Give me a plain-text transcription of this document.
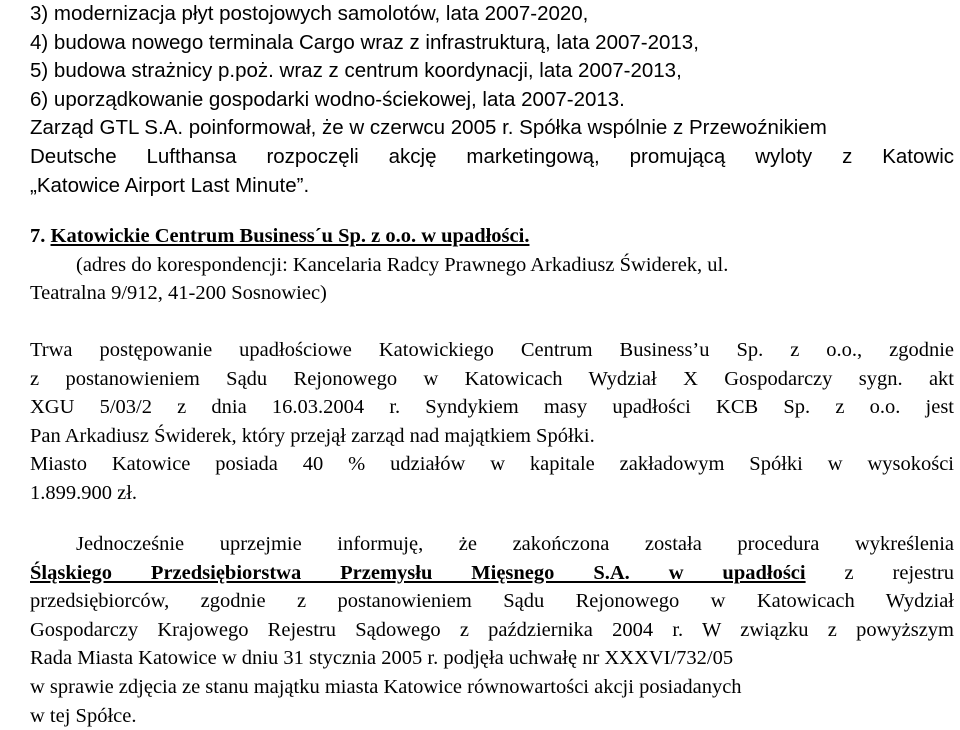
3) modernizacja płyt postojowych samolotów, lata 2007-2020,
4) budowa nowego terminala Cargo wraz z infrastrukturą, lata 2007-2013,
5) budowa strażnicy p.poż. wraz z centrum koordynacji, lata 2007-2013,
6) uporządkowanie gospodarki wodno-ściekowej, lata 2007-2013.
Zarząd GTL S.A. poinformował, że w czerwcu 2005 r. Spółka wspólnie z Przewoźnikiem
Deutsche Lufthansa rozpoczęli akcję marketingową, promującą wyloty z Katowic
„Katowice Airport Last Minute”.
7. Katowickie Centrum Business´u Sp. z o.o. w upadłości.
(adres do korespondencji: Kancelaria Radcy Prawnego Arkadiusz Świderek, ul.
Teatralna 9/912, 41-200 Sosnowiec)
Trwa postępowanie upadłościowe Katowickiego Centrum Business’u Sp. z o.o., zgodnie
z postanowieniem Sądu Rejonowego w Katowicach Wydział X Gospodarczy sygn. akt
XGU 5/03/2 z dnia 16.03.2004 r. Syndykiem masy upadłości KCB Sp. z o.o. jest
Pan Arkadiusz Świderek, który przejął zarząd nad majątkiem Spółki.
Miasto Katowice posiada 40 % udziałów w kapitale zakładowym Spółki w wysokości
1.899.900 zł.
Jednocześnie uprzejmie informuję, że zakończona została procedura wykreślenia
Śląskiego Przedsiębiorstwa Przemysłu Mięsnego S.A. w upadłości z rejestru
przedsiębiorców, zgodnie z postanowieniem Sądu Rejonowego w Katowicach Wydział
Gospodarczy Krajowego Rejestru Sądowego z października 2004 r. W związku z powyższym
Rada Miasta Katowice w dniu 31 stycznia 2005 r. podjęła uchwałę nr XXXVI/732/05
w sprawie zdjęcia ze stanu majątku miasta Katowice równowartości akcji posiadanych
w tej Spółce.
